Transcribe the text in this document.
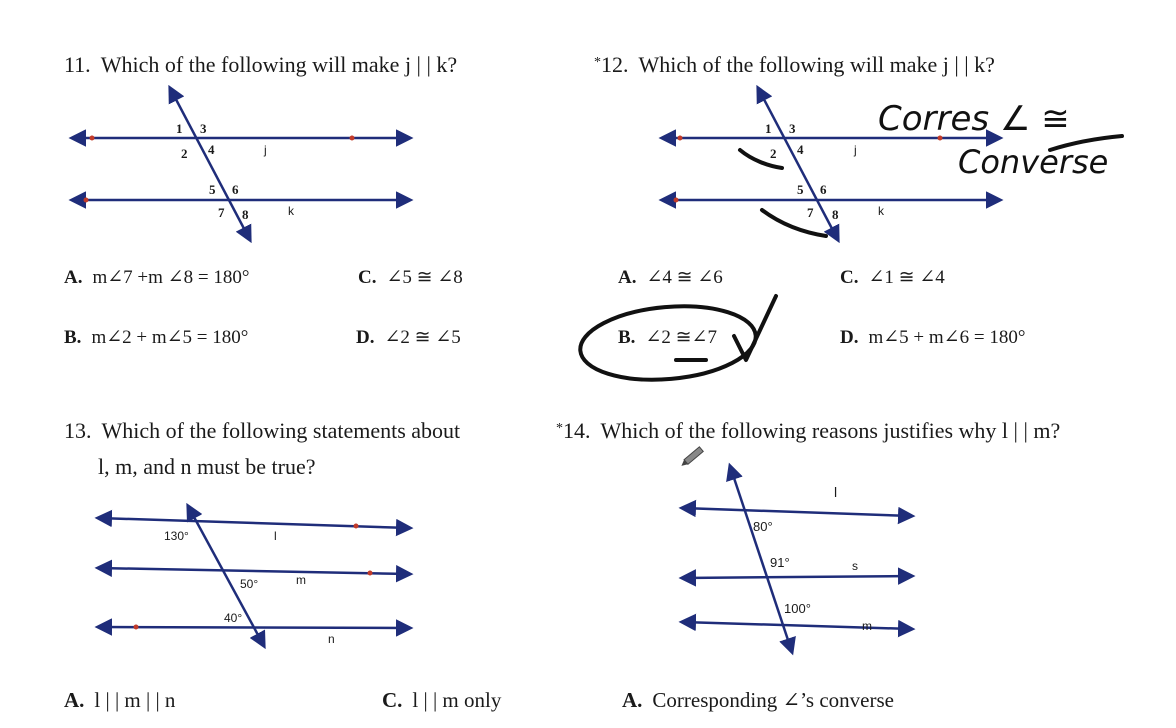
11. Which of the following will make j | | k?	*12. Which of the following will make j | | k?
1 3
2 4
5 6
7 8
j
k
1 3
2 4
5 6
7 8
j
k
Corres ∠ ≅
Converse
130°
50°
40°
l
m
n
80°
91°
100°
l
s
m
A. m∠7 +m ∠8 = 180°	C. ∠5 ≅ ∠8
B. m∠2 + m∠5 = 180°	D. ∠2 ≅ ∠5
A. ∠4 ≅ ∠6	C. ∠1 ≅ ∠4
B. ∠2 ≅∠7	D. m∠5 + m∠6 = 180°
13. Which of the following statements about
l, m, and n must be true?
*14. Which of the following reasons justifies why l | | m?
A. l | | m | | n	C. l | | m only	A. Corresponding ∠’s converse
